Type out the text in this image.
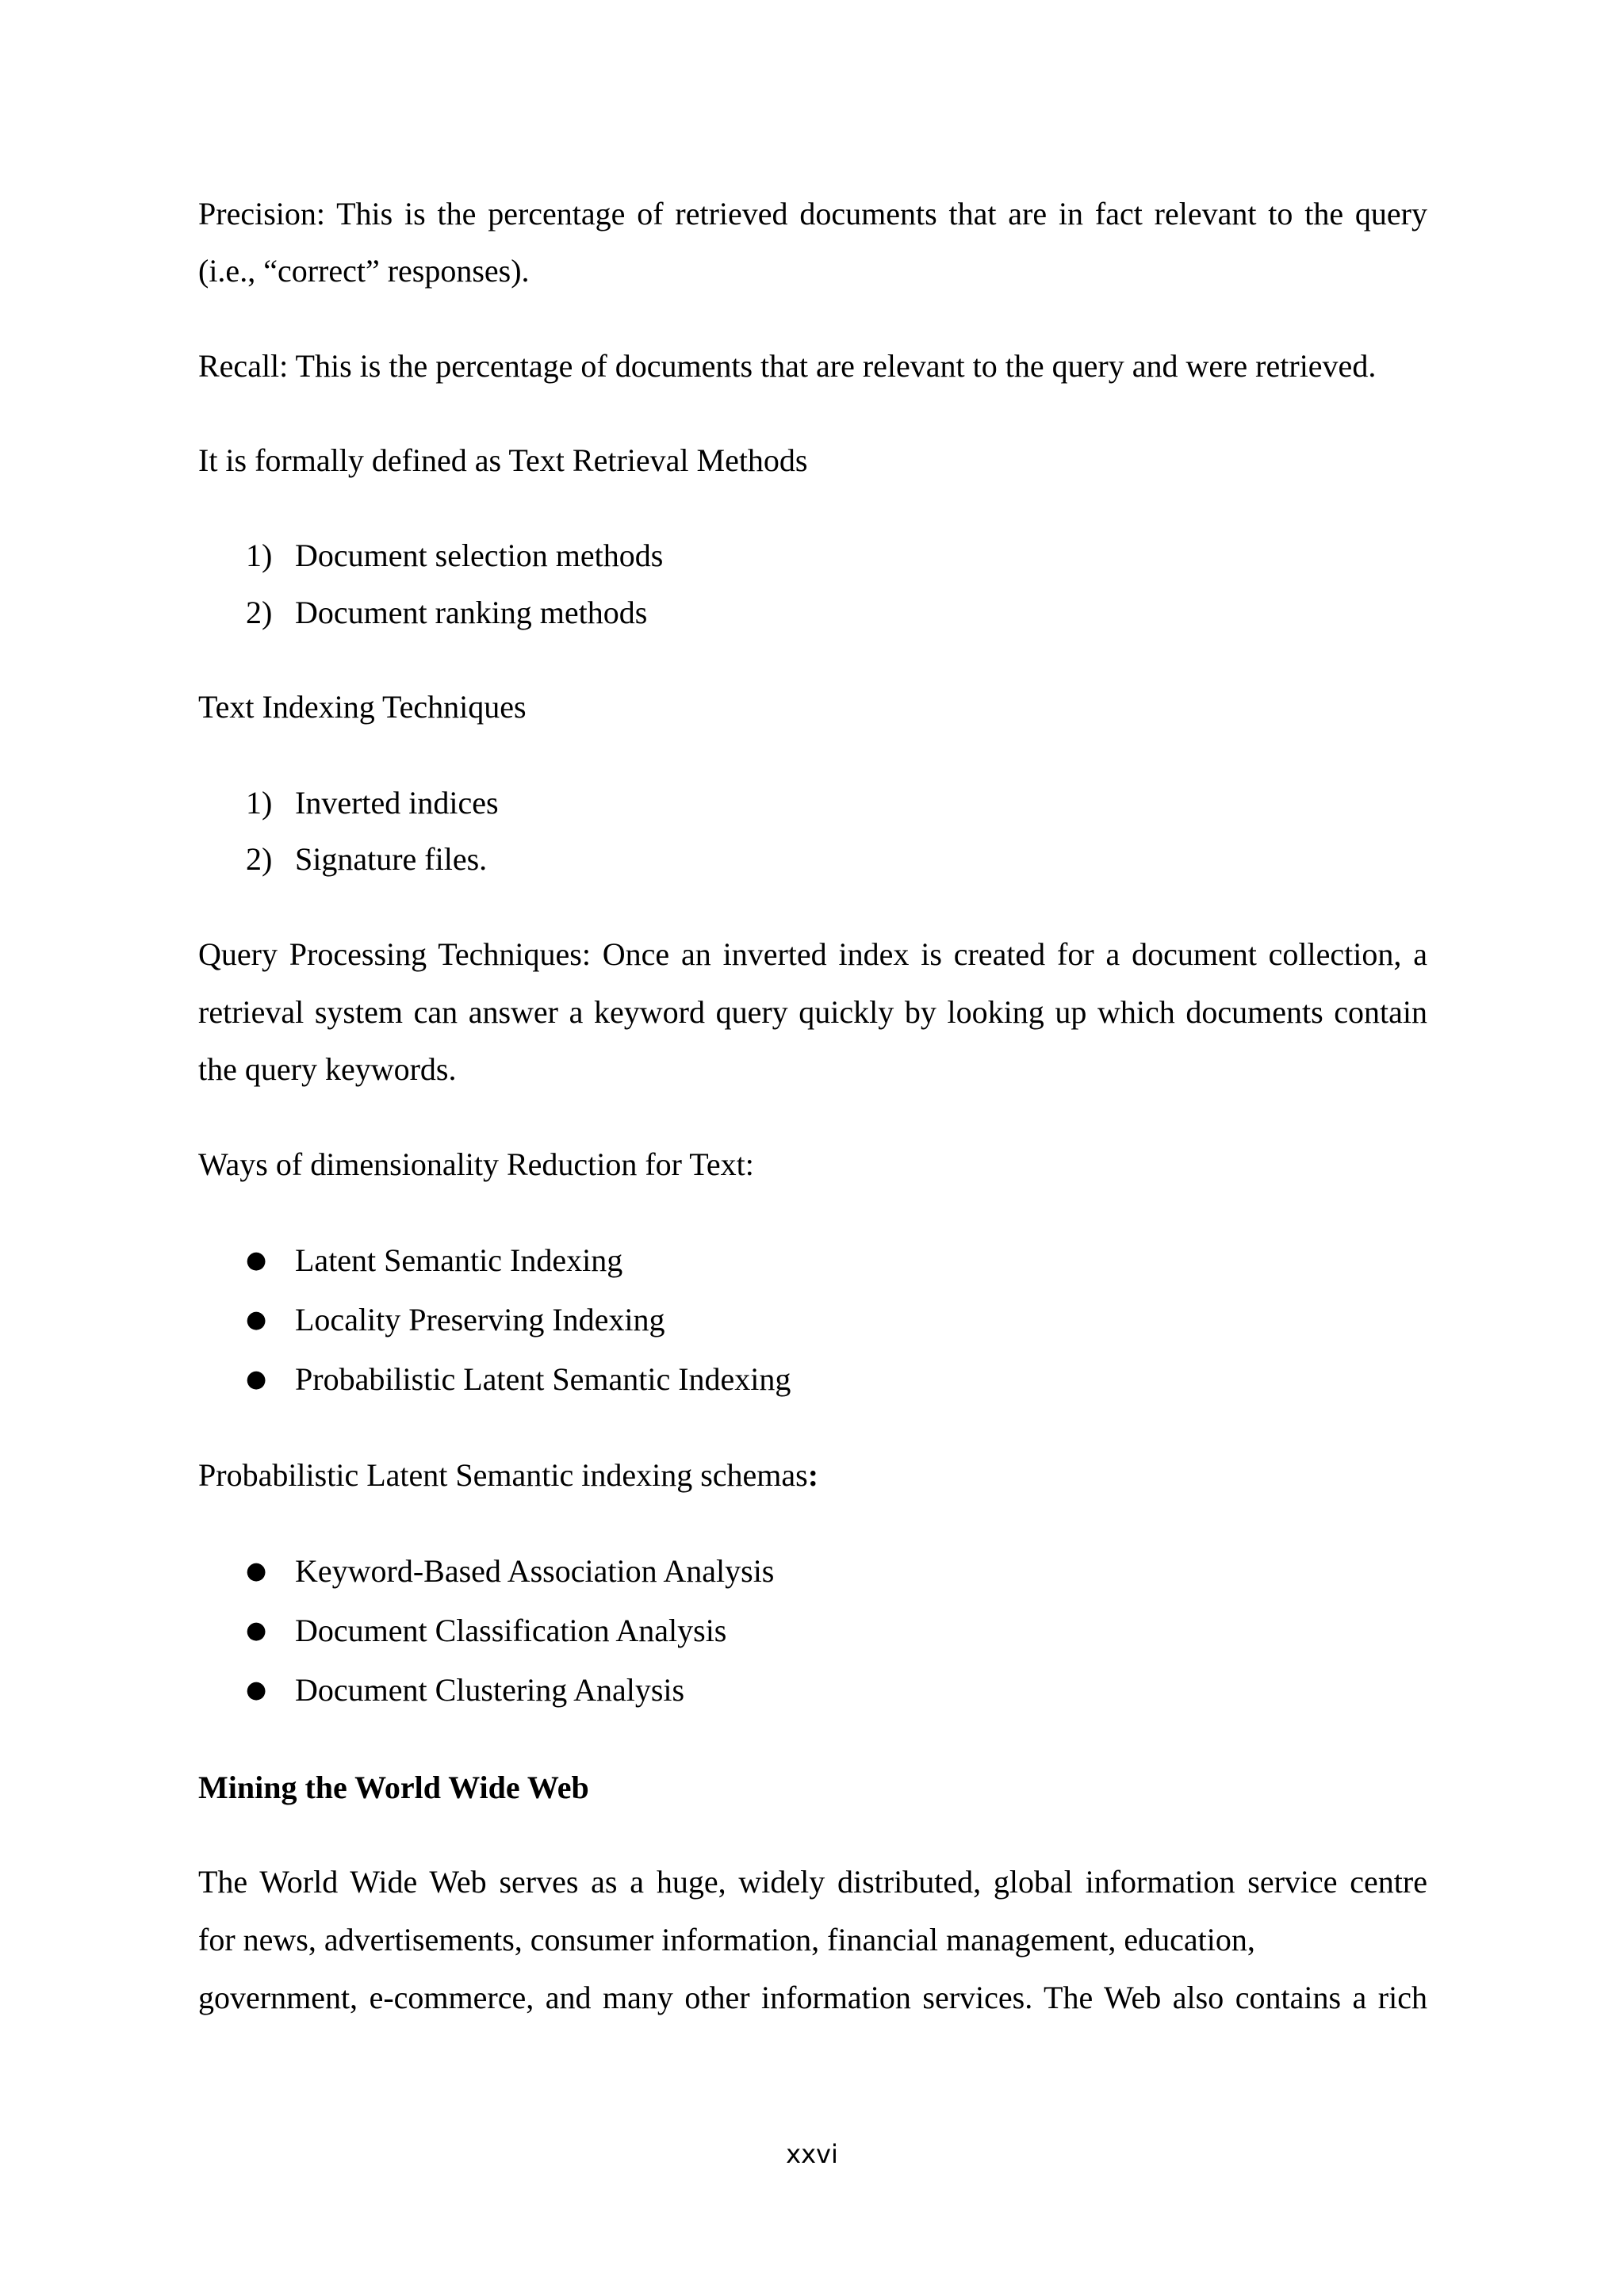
Precision: This is the percentage of retrieved documents that are in fact relevant to the query
(i.e., “correct” responses).
Recall: This is the percentage of documents that are relevant to the query and were retrieved.
It is formally defined as Text Retrieval Methods
1) Document selection methods
2) Document ranking methods
Text Indexing Techniques
1) Inverted indices
2) Signature files.
Query Processing Techniques: Once an inverted index is created for a document collection, a
retrieval system can answer a keyword query quickly by looking up which documents contain
the query keywords.
Ways of dimensionality Reduction for Text:
● Latent Semantic Indexing
● Locality Preserving Indexing
● Probabilistic Latent Semantic Indexing
Probabilistic Latent Semantic indexing schemas:
● Keyword-Based Association Analysis
● Document Classification Analysis
● Document Clustering Analysis
Mining the World Wide Web
The World Wide Web serves as a huge, widely distributed, global information service centre
for news, advertisements, consumer information, financial management, education,
government, e-commerce, and many other information services. The Web also contains a rich
xxvi
